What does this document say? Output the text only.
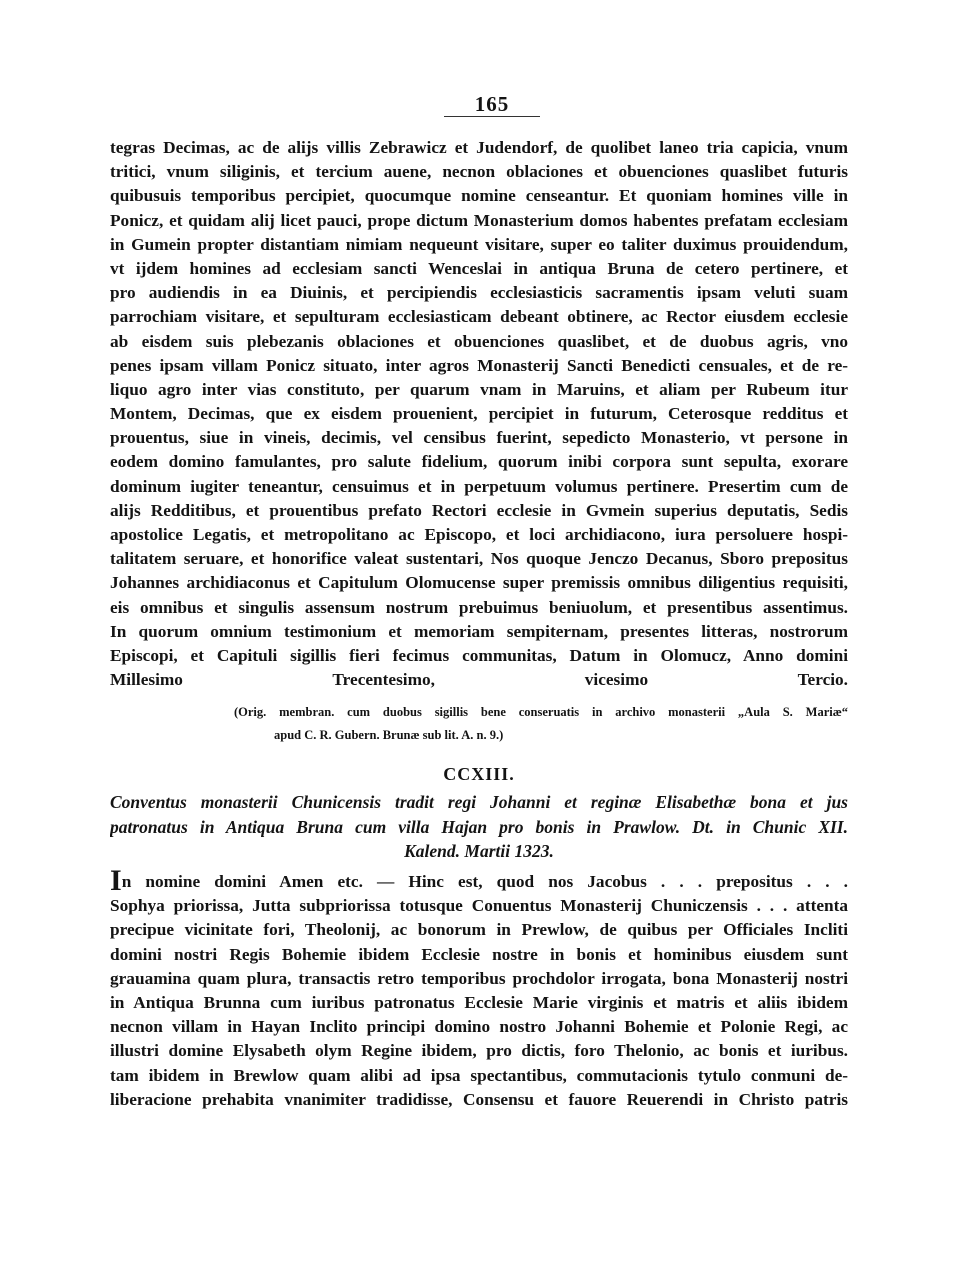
165
tegras Decimas, ac de alijs villis Zebrawicz et Judendorf, de quolibet laneo tria capicia, vnum
tritici, vnum siliginis, et tercium auene, necnon oblaciones et obuenciones quaslibet futuris
quibusuis temporibus percipiet, quocumque nomine censeantur. Et quoniam homines ville in
Ponicz, et quidam alij licet pauci, prope dictum Monasterium domos habentes prefatam ecclesiam
in Gumein propter distantiam nimiam nequeunt visitare, super eo taliter duximus prouidendum,
vt ijdem homines ad ecclesiam sancti Wenceslai in antiqua Bruna de cetero pertinere, et
pro audiendis in ea Diuinis, et percipiendis ecclesiasticis sacramentis ipsam veluti suam
parrochiam visitare, et sepulturam ecclesiasticam debeant obtinere, ac Rector eiusdem ecclesie
ab eisdem suis plebezanis oblaciones et obuenciones quaslibet, et de duobus agris, vno
penes ipsam villam Ponicz situato, inter agros Monasterij Sancti Benedicti censuales, et de re-
liquo agro inter vias constituto, per quarum vnam in Maruins, et aliam per Rubeum itur
Montem, Decimas, que ex eisdem prouenient, percipiet in futurum, Ceterosque redditus et
prouentus, siue in vineis, decimis, vel censibus fuerint, sepedicto Monasterio, vt persone in
eodem domino famulantes, pro salute fidelium, quorum inibi corpora sunt sepulta, exorare
dominum iugiter teneantur, censuimus et in perpetuum volumus pertinere. Presertim cum de
alijs Redditibus, et prouentibus prefato Rectori ecclesie in Gvmein superius deputatis, Sedis
apostolice Legatis, et metropolitano ac Episcopo, et loci archidiacono, iura persoluere hospi-
talitatem seruare, et honorifice valeat sustentari, Nos quoque Jenczo Decanus, Sboro prepositus
Johannes archidiaconus et Capitulum Olomucense super premissis omnibus diligentius requisiti,
eis omnibus et singulis assensum nostrum prebuimus beniuolum, et presentibus assentimus.
In quorum omnium testimonium et memoriam sempiternam, presentes litteras, nostrorum
Episcopi, et Capituli sigillis fieri fecimus communitas, Datum in Olomucz, Anno domini
Millesimo Trecentesimo, vicesimo Tercio.
(Orig. membran. cum duobus sigillis bene conseruatis in archivo monasterii „Aula S. Mariæ“
apud C. R. Gubern. Brunæ sub lit. A. n. 9.)
CCXIII.
Conventus monasterii Chunicensis tradit regi Johanni et reginæ Elisabethæ bona et jus
patronatus in Antiqua Bruna cum villa Hajan pro bonis in Prawlow. Dt. in Chunic XII.
Kalend. Martii 1323.
In nomine domini Amen etc. — Hinc est, quod nos Jacobus . . . prepositus . . .
Sophya priorissa, Jutta subpriorissa totusque Conuentus Monasterij Chuniczensis . . . attenta
precipue vicinitate fori, Theolonij, ac bonorum in Prewlow, de quibus per Officiales Incliti
domini nostri Regis Bohemie ibidem Ecclesie nostre in bonis et hominibus eiusdem sunt
grauamina quam plura, transactis retro temporibus prochdolor irrogata, bona Monasterij nostri
in Antiqua Brunna cum iuribus patronatus Ecclesie Marie virginis et matris et aliis ibidem
necnon villam in Hayan Inclito principi domino nostro Johanni Bohemie et Polonie Regi, ac
illustri domine Elysabeth olym Regine ibidem, pro dictis, foro Thelonio, ac bonis et iuribus.
tam ibidem in Brewlow quam alibi ad ipsa spectantibus, commutacionis tytulo conmuni de-
liberacione prehabita vnanimiter tradidisse, Consensu et fauore Reuerendi in Christo patris
